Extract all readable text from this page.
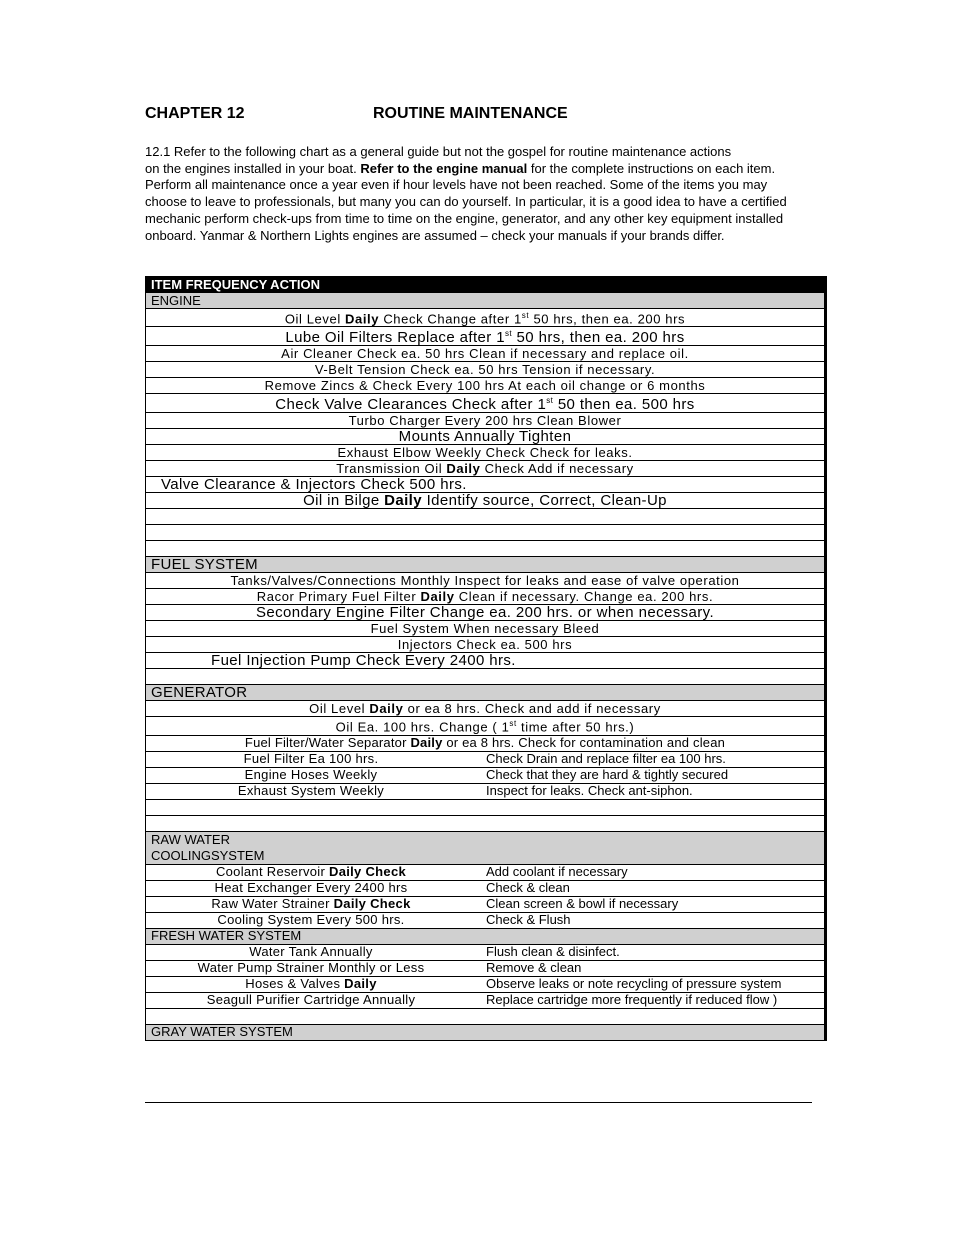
CHAPTER 12	ROUTINE MAINTENANCE

12.1 Refer to the following chart as a general guide but not the gospel for routine maintenance actions

on the engines installed in your boat. Refer to the engine manual for the complete instructions on each item. Perform all maintenance once a year even if hour levels have not been reached. Some of the items you may choose to leave to professionals, but many you can do yourself. In particular, it is a good idea to have a certified mechanic perform check-ups from time to time on the engine, generator, and any other key equipment installed onboard. Yanmar & Northern Lights engines are assumed – check your manuals if your brands differ.

ITEM FREQUENCY ACTION
ENGINE
Oil Level Daily Check Change after 1st 50 hrs, then ea. 200 hrs
Lube Oil Filters Replace after 1st 50 hrs, then ea. 200 hrs
Air Cleaner Check ea. 50 hrs Clean if necessary and replace oil.
V-Belt Tension Check ea. 50 hrs Tension if necessary.
Remove Zincs & Check Every 100 hrs At each oil change or 6 months
Check Valve Clearances Check after 1st 50 then ea. 500 hrs
Turbo Charger Every 200 hrs Clean Blower
Mounts Annually Tighten
Exhaust Elbow Weekly Check Check for leaks.
Transmission Oil Daily Check Add if necessary
Valve Clearance & Injectors Check 500 hrs.
Oil in Bilge Daily Identify source, Correct, Clean-Up

FUEL SYSTEM
Tanks/Valves/Connections Monthly Inspect for leaks and ease of valve operation
Racor Primary Fuel Filter Daily Clean if necessary. Change ea. 200 hrs.
Secondary Engine Filter Change ea. 200 hrs. or when necessary.
Fuel System When necessary Bleed
Injectors Check ea. 500 hrs
Fuel Injection Pump Check Every 2400 hrs.

GENERATOR
Oil Level Daily or ea 8 hrs. Check and add if necessary
Oil Ea. 100 hrs. Change ( 1st time after 50 hrs.)
Fuel Filter/Water Separator Daily or ea 8 hrs. Check for contamination and clean

Fuel Filter Ea 100 hrs.	Check Drain and replace filter ea 100 hrs.

Engine Hoses Weekly	Check that they are hard & tightly secured

Exhaust System Weekly	Inspect for leaks. Check ant-siphon.

RAW WATER
COOLINGSYSTEM

Coolant Reservoir Daily Check	Add coolant if necessary

Heat Exchanger Every 2400 hrs	Check & clean

Raw Water Strainer Daily Check	Clean screen & bowl if necessary

Cooling System Every 500 hrs.	Check & Flush

FRESH WATER SYSTEM

Water Tank Annually	Flush clean & disinfect.

Water Pump Strainer Monthly or Less	Remove & clean

Hoses & Valves Daily	Observe leaks or note recycling of pressure system

Seagull Purifier Cartridge Annually	Replace cartridge more frequently if reduced flow )

GRAY WATER SYSTEM
